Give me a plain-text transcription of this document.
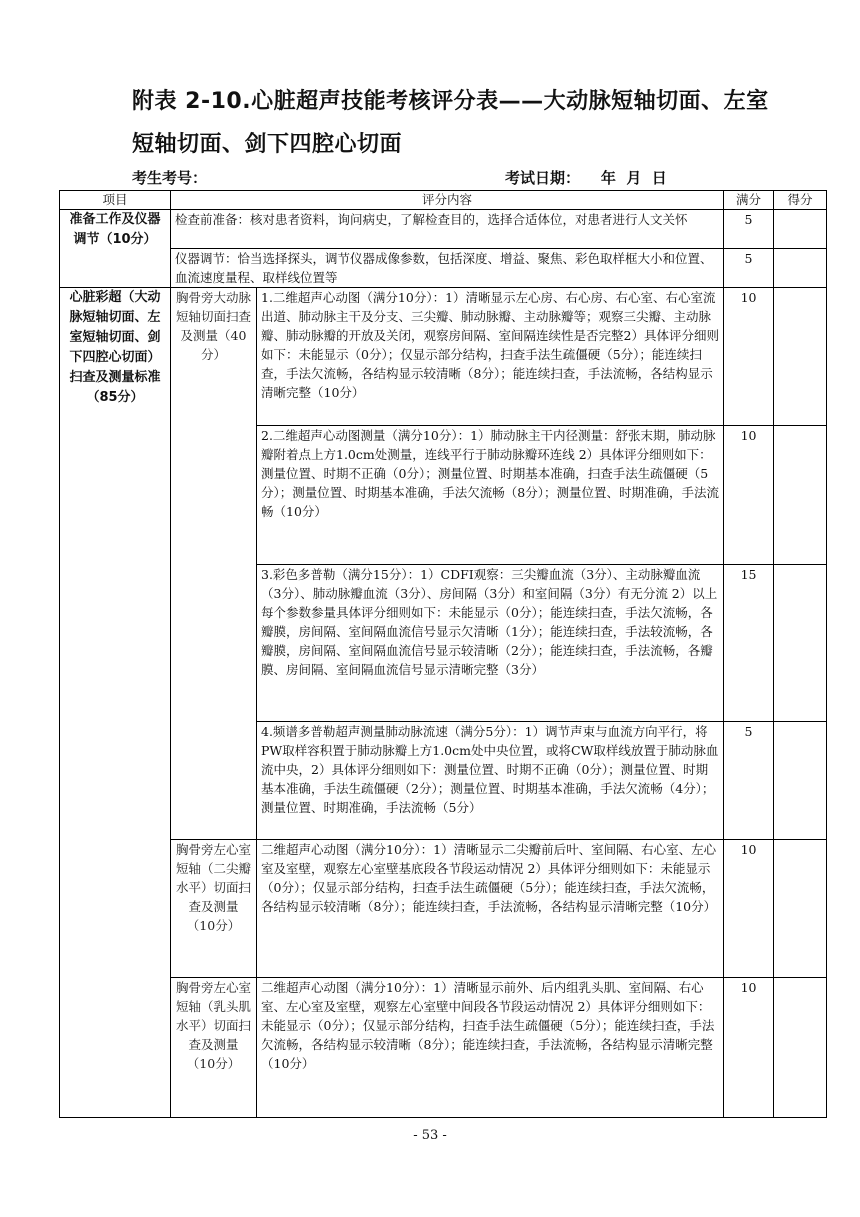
附表 2-10.心脏超声技能考核评分表——大动脉短轴切面、左室
短轴切面、剑下四腔心切面
考生考号：	考试日期：    年  月  日
项目	评分内容		满分	得分
准备工作及仪器调节（10分）	检查前准备：核对患者资料，询问病史，了解检查目的，选择合适体位，对患者进行人文关怀		5	
	仪器调节：恰当选择探头，调节仪器成像参数，包括深度、增益、聚焦、彩色取样框大小和位置、血流速度量程、取样线位置等		5	
心脏彩超（大动脉短轴切面、左室短轴切面、剑下四腔心切面）扫查及测量标准（85分）	胸骨旁大动脉短轴切面扫查及测量（40分）	1.二维超声心动图（满分10分）：1）清晰显示左心房、右心房、右心室、右心室流出道、肺动脉主干及分支、三尖瓣、肺动脉瓣、主动脉瓣等；观察三尖瓣、主动脉瓣、肺动脉瓣的开放及关闭，观察房间隔、室间隔连续性是否完整2）具体评分细则如下：未能显示（0分）；仅显示部分结构，扫查手法生疏僵硬（5分）；能连续扫查，手法欠流畅，各结构显示较清晰（8分）；能连续扫查，手法流畅，各结构显示清晰完整（10分）	10	
		2.二维超声心动图测量（满分10分）：1）肺动脉主干内径测量：舒张末期，肺动脉瓣附着点上方1.0cm处测量，连线平行于肺动脉瓣环连线 2）具体评分细则如下：测量位置、时期不正确（0分）；测量位置、时期基本准确，扫查手法生疏僵硬（5分）；测量位置、时期基本准确，手法欠流畅（8分）；测量位置、时期准确，手法流畅（10分）	10	
		3.彩色多普勒（满分15分）：1）CDFI观察：三尖瓣血流（3分）、主动脉瓣血流（3分）、肺动脉瓣血流（3分）、房间隔（3分）和室间隔（3分）有无分流 2）以上每个参数参量具体评分细则如下：未能显示（0分）；能连续扫查，手法欠流畅，各瓣膜，房间隔、室间隔血流信号显示欠清晰（1分）；能连续扫查，手法较流畅，各瓣膜，房间隔、室间隔血流信号显示较清晰（2分）；能连续扫查，手法流畅，各瓣膜、房间隔、室间隔血流信号显示清晰完整（3分）	15	
		4.频谱多普勒超声测量肺动脉流速（满分5分）：1）调节声束与血流方向平行，将PW取样容积置于肺动脉瓣上方1.0cm处中央位置，或将CW取样线放置于肺动脉血流中央，2）具体评分细则如下：测量位置、时期不正确（0分）；测量位置、时期基本准确，手法生疏僵硬（2分）；测量位置、时期基本准确，手法欠流畅（4分）；测量位置、时期准确，手法流畅（5分）	5	
	胸骨旁左心室短轴（二尖瓣水平）切面扫查及测量（10分）	二维超声心动图（满分10分）：1）清晰显示二尖瓣前后叶、室间隔、右心室、左心室及室壁，观察左心室壁基底段各节段运动情况 2）具体评分细则如下：未能显示（0分）；仅显示部分结构，扫查手法生疏僵硬（5分）；能连续扫查，手法欠流畅，各结构显示较清晰（8分）；能连续扫查，手法流畅，各结构显示清晰完整（10分）	10	
	胸骨旁左心室短轴（乳头肌水平）切面扫查及测量（10分）	二维超声心动图（满分10分）：1）清晰显示前外、后内组乳头肌、室间隔、右心室、左心室及室壁，观察左心室壁中间段各节段运动情况 2）具体评分细则如下：未能显示（0分）；仅显示部分结构，扫查手法生疏僵硬（5分）；能连续扫查，手法欠流畅，各结构显示较清晰（8分）；能连续扫查，手法流畅，各结构显示清晰完整（10分）	10	
- 53 -
